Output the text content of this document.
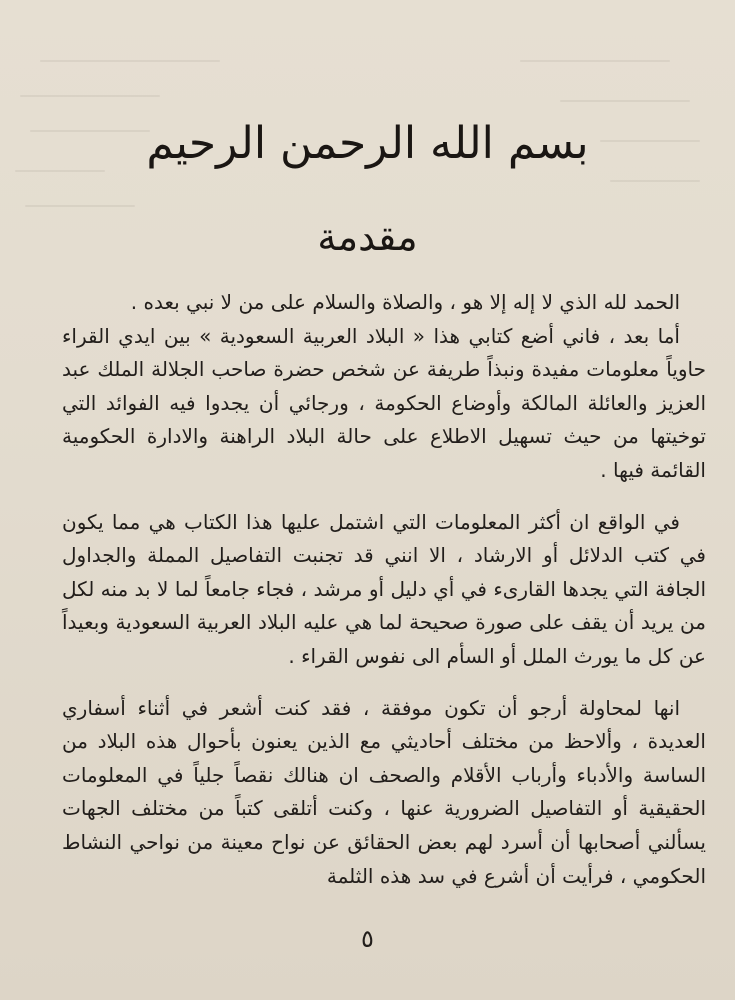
بسم الله الرحمن الرحيم
مقدمة

الحمد لله الذي لا إله إلا هو ، والصلاة والسلام على من لا نبي بعده .

أما بعد ، فاني أضع كتابي هذا « البلاد العربية السعودية » بين ايدي القراء حاوياً معلومات مفيدة ونبذاً طريفة عن شخص حضرة صاحب الجلالة الملك عبد العزيز والعائلة المالكة وأوضاع الحكومة ، ورجائي أن يجدوا فيه الفوائد التي توخيتها من حيث تسهيل الاطلاع على حالة البلاد الراهنة والادارة الحكومية القائمة فيها .

في الواقع ان أكثر المعلومات التي اشتمل عليها هذا الكتاب هي مما يكون في كتب الدلائل أو الارشاد ، الا انني قد تجنبت التفاصيل المملة والجداول الجافة التي يجدها القارىء في أي دليل أو مرشد ، فجاء جامعاً لما لا بد منه لكل من يريد أن يقف على صورة صحيحة لما هي عليه البلاد العربية السعودية وبعيداً عن كل ما يورث الملل أو السأم الى نفوس القراء .

انها لمحاولة أرجو أن تكون موفقة ، فقد كنت أشعر في أثناء أسفاري العديدة ، وألاحظ من مختلف أحاديثي مع الذين يعنون بأحوال هذه البلاد من الساسة والأدباء وأرباب الأقلام والصحف ان هنالك نقصاً جلياً في المعلومات الحقيقية أو التفاصيل الضرورية عنها ، وكنت أتلقى كتباً من مختلف الجهات يسألني أصحابها أن أسرد لهم بعض الحقائق عن نواح معينة من نواحي النشاط الحكومي ، فرأيت أن أشرع في سد هذه الثلمة

٥
